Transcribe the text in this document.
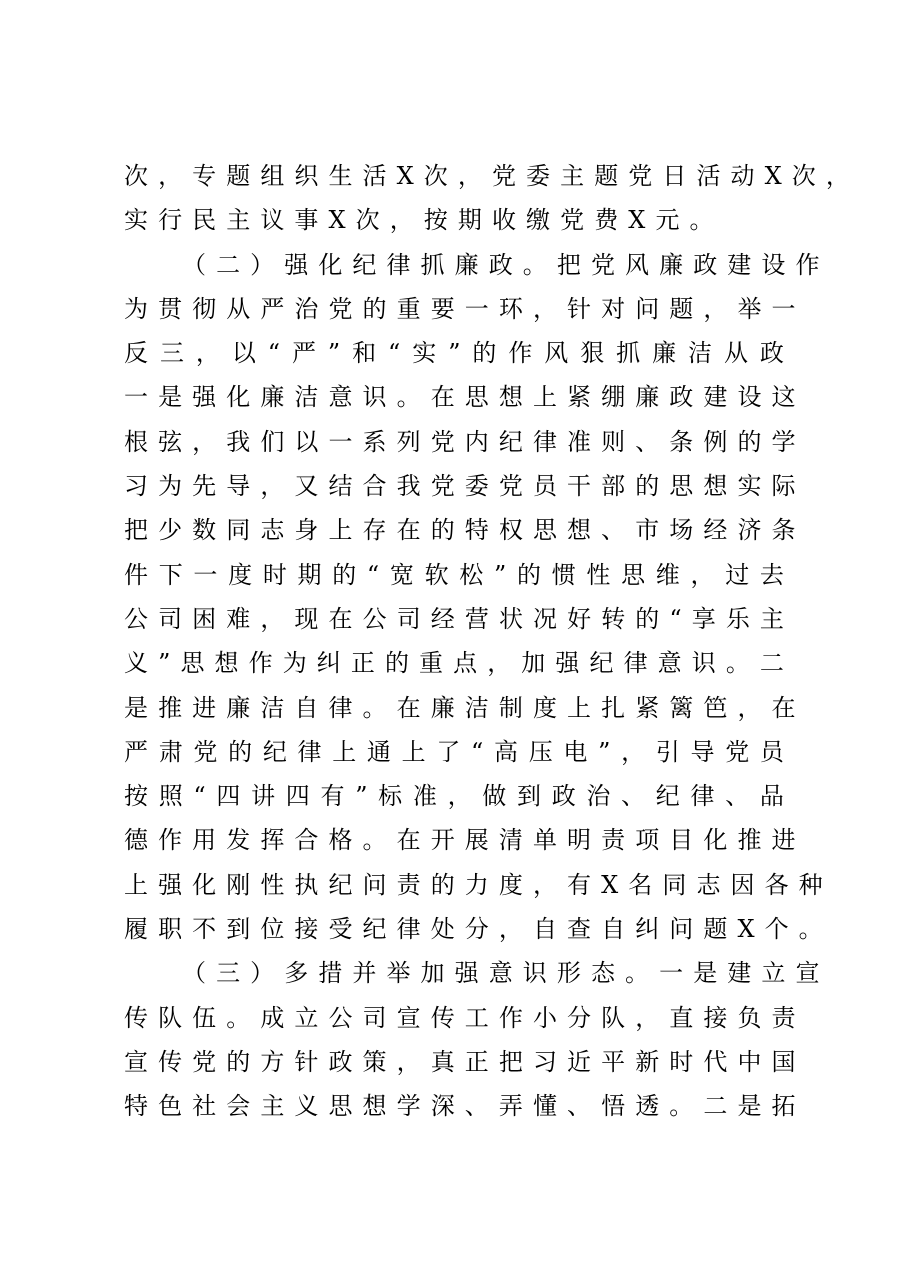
次，专题组织生活X次，党委主题党日活动X次，
实行民主议事X次，按期收缴党费X元。
（二）强化纪律抓廉政。把党风廉政建设作
为贯彻从严治党的重要一环，针对问题，举一
反三，以“严”和“实”的作风狠抓廉洁从政
一是强化廉洁意识。在思想上紧绷廉政建设这
根弦，我们以一系列党内纪律准则、条例的学
习为先导，又结合我党委党员干部的思想实际
把少数同志身上存在的特权思想、市场经济条
件下一度时期的“宽软松”的惯性思维，过去
公司困难，现在公司经营状况好转的“享乐主
义”思想作为纠正的重点，加强纪律意识。二
是推进廉洁自律。在廉洁制度上扎紧篱笆，在
严肃党的纪律上通上了“高压电”，引导党员
按照“四讲四有”标准，做到政治、纪律、品
德作用发挥合格。在开展清单明责项目化推进
上强化刚性执纪问责的力度，有X名同志因各种
履职不到位接受纪律处分，自查自纠问题X个。
（三）多措并举加强意识形态。一是建立宣
传队伍。成立公司宣传工作小分队，直接负责
宣传党的方针政策，真正把习近平新时代中国
特色社会主义思想学深、弄懂、悟透。二是拓
